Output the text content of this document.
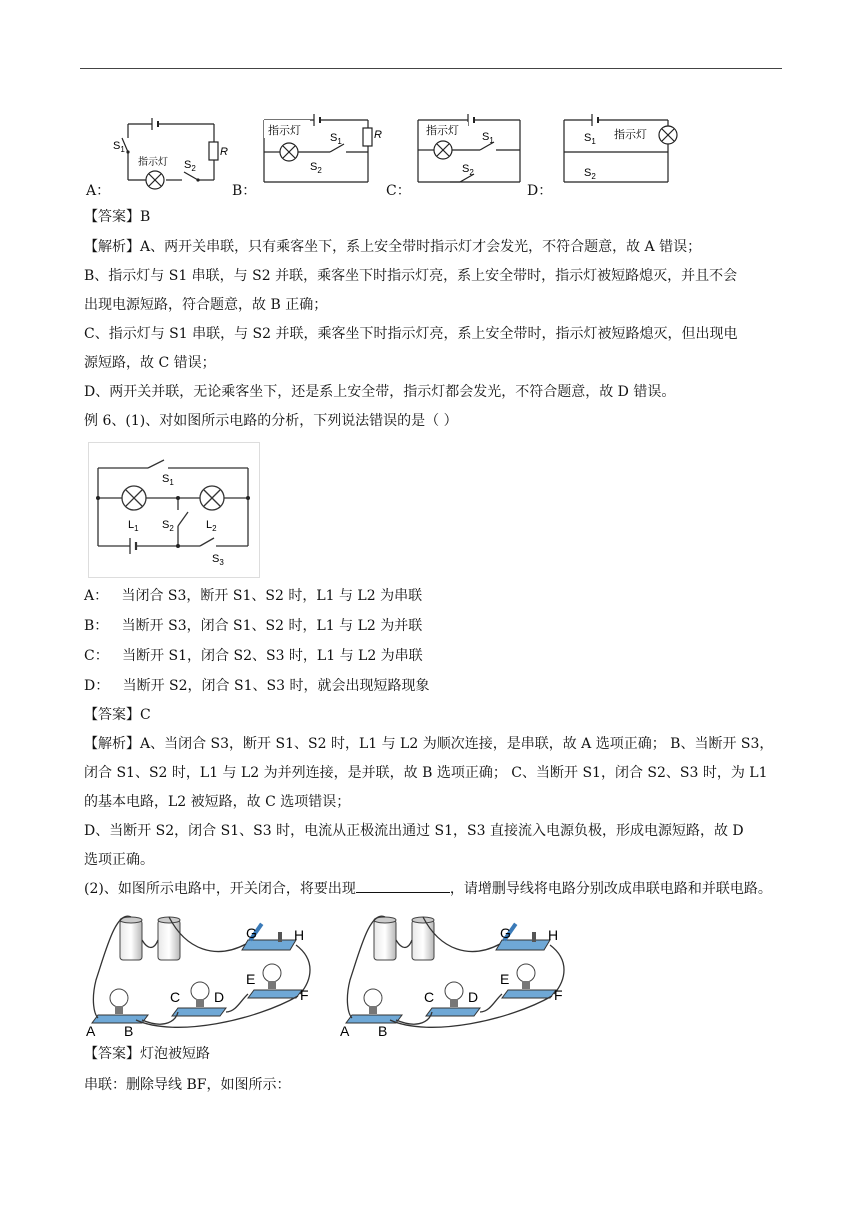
A：
$S_1$
指示灯 $S_2$
R
B：
指示灯
$S_1$
$S_2$
R
C：
指示灯 $S_1$
$S_2$
D：
$S_1$
指示灯
$S_2$
【答案】B
【解析】A、两开关串联，只有乘客坐下，系上安全带时指示灯才会发光，不符合题意，故 A 错误；
B、指示灯与 S1 串联，与 S2 并联，乘客坐下时指示灯亮，系上安全带时，指示灯被短路熄灭，并且不会
出现电源短路，符合题意，故 B 正确；
C、指示灯与 S1 串联，与 S2 并联，乘客坐下时指示灯亮，系上安全带时，指示灯被短路熄灭，但出现电
源短路，故 C 错误；
D、两开关并联，无论乘客坐下，还是系上安全带，指示灯都会发光，不符合题意，故 D 错误。
例 6、(1)、对如图所示电路的分析，下列说法错误的是（ ）
$S_1$
$L_1$ $S_2$	$L_2$
$S_3$
A： 当闭合 S3，断开 S1、S2 时，L1 与 L2 为串联
B： 当断开 S3，闭合 S1、S2 时，L1 与 L2 为并联
C： 当断开 S1，闭合 S2、S3 时，L1 与 L2 为串联
D： 当断开 S2，闭合 S1、S3 时，就会出现短路现象
【答案】C
【解析】A、当闭合 S3，断开 S1、S2 时，L1 与 L2 为顺次连接，是串联，故 A 选项正确； B、当断开 S3，
闭合 S1、S2 时，L1 与 L2 为并列连接，是并联，故 B 选项正确； C、当断开 S1，闭合 S2、S3 时，为 L1
的基本电路，L2 被短路，故 C 选项错误；
D、当断开 S2，闭合 S1、S3 时，电流从正极流出通过 S1，S3 直接流入电源负极，形成电源短路，故 D
选项正确。
(2)、如图所示电路中，开关闭合，将要出现	，请增删导线将电路分别改成串联电路和并联电路。
A B
C D
E
F
G	H
A B
C D
E
F
G	H
【答案】灯泡被短路
串联：删除导线 BF，如图所示：
